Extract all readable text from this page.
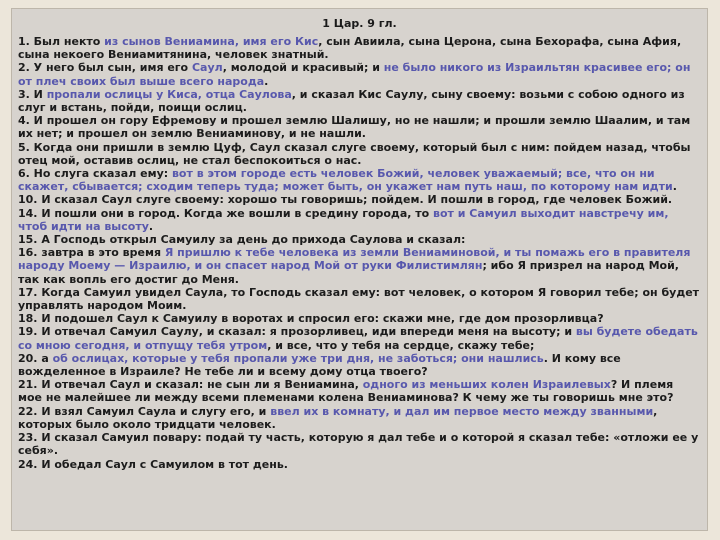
1 Цар. 9 гл.

1. Был некто из сынов Вениамина, имя его Кис, сын Авиила, сына Церона, сына Бехорафа, сына Афия, сына некоего Вениамитянина, человек знатный.

2. У него был сын, имя его Саул, молодой и красивый; и не было никого из Израильтян красивее его; он от плеч своих был выше всего народа.

3. И пропали ослицы у Киса, отца Саулова, и сказал Кис Саулу, сыну своему: возьми с собою одного из слуг и встань, пойди, поищи ослиц.

4. И прошел он гору Ефремову и прошел землю Шалишу, но не нашли; и прошли землю Шаалим, и там их нет; и прошел он землю Вениаминову, и не нашли.

5. Когда они пришли в землю Цуф, Саул сказал слуге своему, который был с ним: пойдем назад, чтобы отец мой, оставив ослиц, не стал беспокоиться о нас.

6. Но слуга сказал ему: вот в этом городе есть человек Божий, человек уважаемый; все, что он ни скажет, сбывается; сходим теперь туда; может быть, он укажет нам путь наш, по которому нам идти.

10. И сказал Саул слуге своему: хорошо ты говоришь; пойдем. И пошли в город, где человек Божий.

14. И пошли они в город. Когда же вошли в средину города, то вот и Самуил выходит навстречу им, чтоб идти на высоту.

15. А Господь открыл Самуилу за день до прихода Саулова и сказал:

16. завтра в это время Я пришлю к тебе человека из земли Вениаминовой, и ты помажь его в правителя народу Моему — Израилю, и он спасет народ Мой от руки Филистимлян; ибо Я призрел на народ Мой, так как вопль его достиг до Меня.

17. Когда Самуил увидел Саула, то Господь сказал ему: вот человек, о котором Я говорил тебе; он будет управлять народом Моим.

18. И подошел Саул к Самуилу в воротах и спросил его: скажи мне, где дом прозорливца?

19. И отвечал Самуил Саулу, и сказал: я прозорливец, иди впереди меня на высоту; и вы будете обедать со мною сегодня, и отпущу тебя утром, и все, что у тебя на сердце, скажу тебе;

20. а об ослицах, которые у тебя пропали уже три дня, не заботься; они нашлись. И кому все вожделенное в Израиле? Не тебе ли и всему дому отца твоего?

21. И отвечал Саул и сказал: не сын ли я Вениамина, одного из меньших колен Израилевых? И племя мое не малейшее ли между всеми племенами колена Вениаминова? К чему же ты говоришь мне это?

22. И взял Самуил Саула и слугу его, и ввел их в комнату, и дал им первое место между званными, которых было около тридцати человек.

23. И сказал Самуил повару: подай ту часть, которую я дал тебе и о которой я сказал тебе: «отложи ее у себя».

24. И обедал Саул с Самуилом в тот день.
